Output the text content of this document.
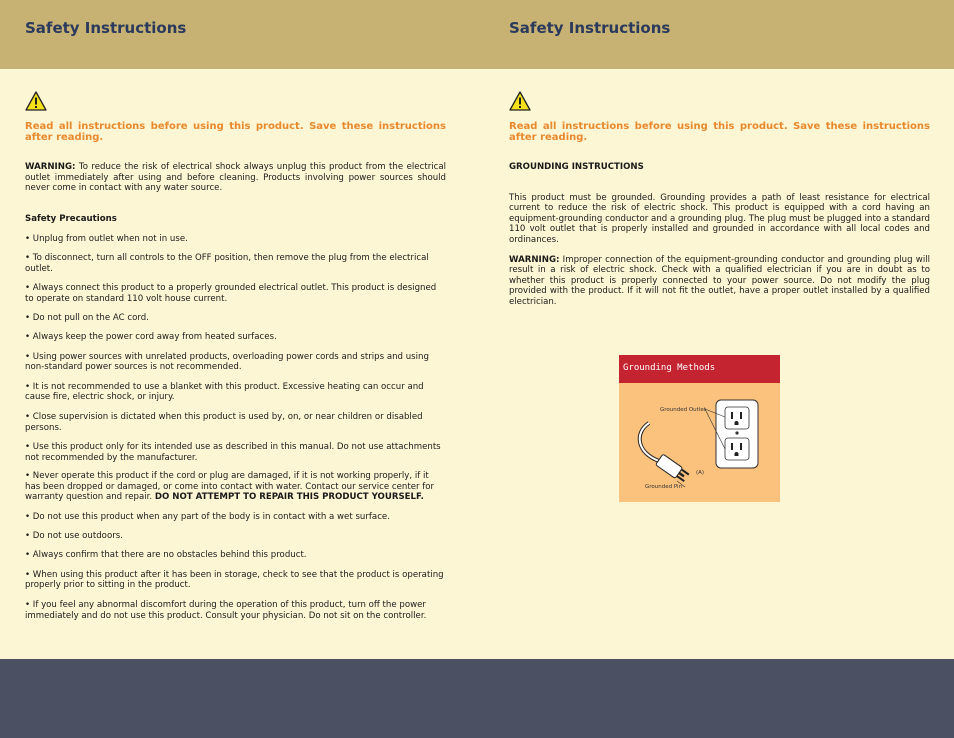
Safety Instructions

Read all instructions before using this product. Save these instructions after reading.

WARNING: To reduce the risk of electrical shock always unplug this product from the electrical outlet immediately after using and before cleaning. Products involving power sources should never come in contact with any water source.

Safety Precautions

• Unplug from outlet when not in use.

• To disconnect, turn all controls to the OFF position, then remove the plug from the electrical outlet.

• Always connect this product to a properly grounded electrical outlet. This product is designed to operate on standard 110 volt house current.

• Do not pull on the AC cord.

• Always keep the power cord away from heated surfaces.

• Using power sources with unrelated products, overloading power cords and strips and using non-standard power sources is not recommended.

• It is not recommended to use a blanket with this product. Excessive heating can occur and cause fire, electric shock, or injury.

• Close supervision is dictated when this product is used by, on, or near children or disabled persons.

• Use this product only for its intended use as described in this manual. Do not use attachments not recommended by the manufacturer.

• Never operate this product if the cord or plug are damaged, if it is not working properly, if it has been dropped or damaged, or come into contact with water. Contact our service center for warranty question and repair. DO NOT ATTEMPT TO REPAIR THIS PRODUCT YOURSELF.

• Do not use this product when any part of the body is in contact with a wet surface.

• Do not use outdoors.

• Always confirm that there are no obstacles behind this product.

• When using this product after it has been in storage, check to see that the product is operating properly prior to sitting in the product.

• If you feel any abnormal discomfort during the operation of this product, turn off the power immediately and do not use this product. Consult your physician. Do not sit on the controller.

Safety Instructions

Read all instructions before using this product. Save these instructions after reading.

GROUNDING INSTRUCTIONS

This product must be grounded. Grounding provides a path of least resistance for electrical current to reduce the risk of electric shock. This product is equipped with a cord having an equipment-grounding conductor and a grounding plug. The plug must be plugged into a standard 110 volt outlet that is properly installed and grounded in accordance with all local codes and ordinances.

WARNING: Improper connection of the equipment-grounding conductor and grounding plug will result in a risk of electric shock. Check with a qualified electrician if you are in doubt as to whether this product is properly connected to your power source. Do not modify the plug provided with the product. If it will not fit the outlet, have a proper outlet installed by a qualified electrician.

Grounding Methods

Grounded Outlet

(A)

Grounded Pin
